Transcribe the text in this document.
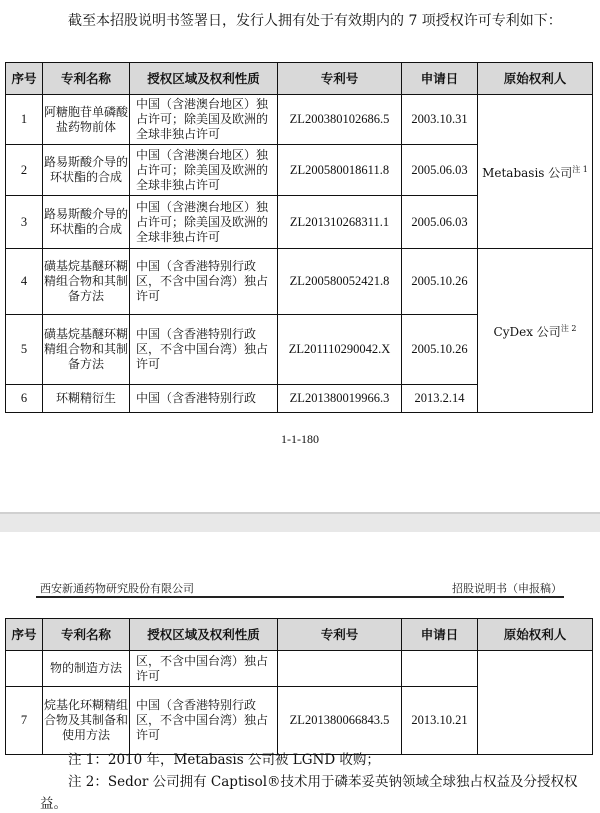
截至本招股说明书签署日，发行人拥有处于有效期内的 7 项授权许可专利如下：

序号	专利名称	授权区域及权利性质	专利号	申请日	原始权利人
1	阿糖胞苷单磷酸盐药物前体	中国（含港澳台地区）独占许可；除美国及欧洲的全球非独占许可	ZL200380102686.5	2003.10.31	Metabasis 公司$^{注 1}$
2	路易斯酸介导的环状酯的合成	中国（含港澳台地区）独占许可；除美国及欧洲的全球非独占许可	ZL200580018611.8	2005.06.03	
3	路易斯酸介导的环状酯的合成	中国（含港澳台地区）独占许可；除美国及欧洲的全球非独占许可	ZL201310268311.1	2005.06.03	
4	磺基烷基醚环糊精组合物和其制备方法	中国（含香港特别行政区，不含中国台湾）独占许可	ZL200580052421.8	2005.10.26	CyDex 公司$^{注 2}$
5	磺基烷基醚环糊精组合物和其制备方法	中国（含香港特别行政区，不含中国台湾）独占许可	ZL201110290042.X	2005.10.26	
6	环糊精衍生	中国（含香港特别行政	ZL201380019966.3	2013.2.14	
1-1-180
西安新通药物研究股份有限公司	招股说明书（申报稿）
序号	专利名称	授权区域及权利性质	专利号	申请日	原始权利人
	物的制造方法	区，不含中国台湾）独占许可			
7	烷基化环糊精组合物及其制备和使用方法	中国（含香港特别行政区，不含中国台湾）独占许可	ZL201380066843.5	2013.10.21	

注 1：2010 年，Metabasis 公司被 LGND 收购；

注 2：Sedor 公司拥有 Captisol®技术用于磷苯妥英钠领域全球独占权益及分授权权益。
